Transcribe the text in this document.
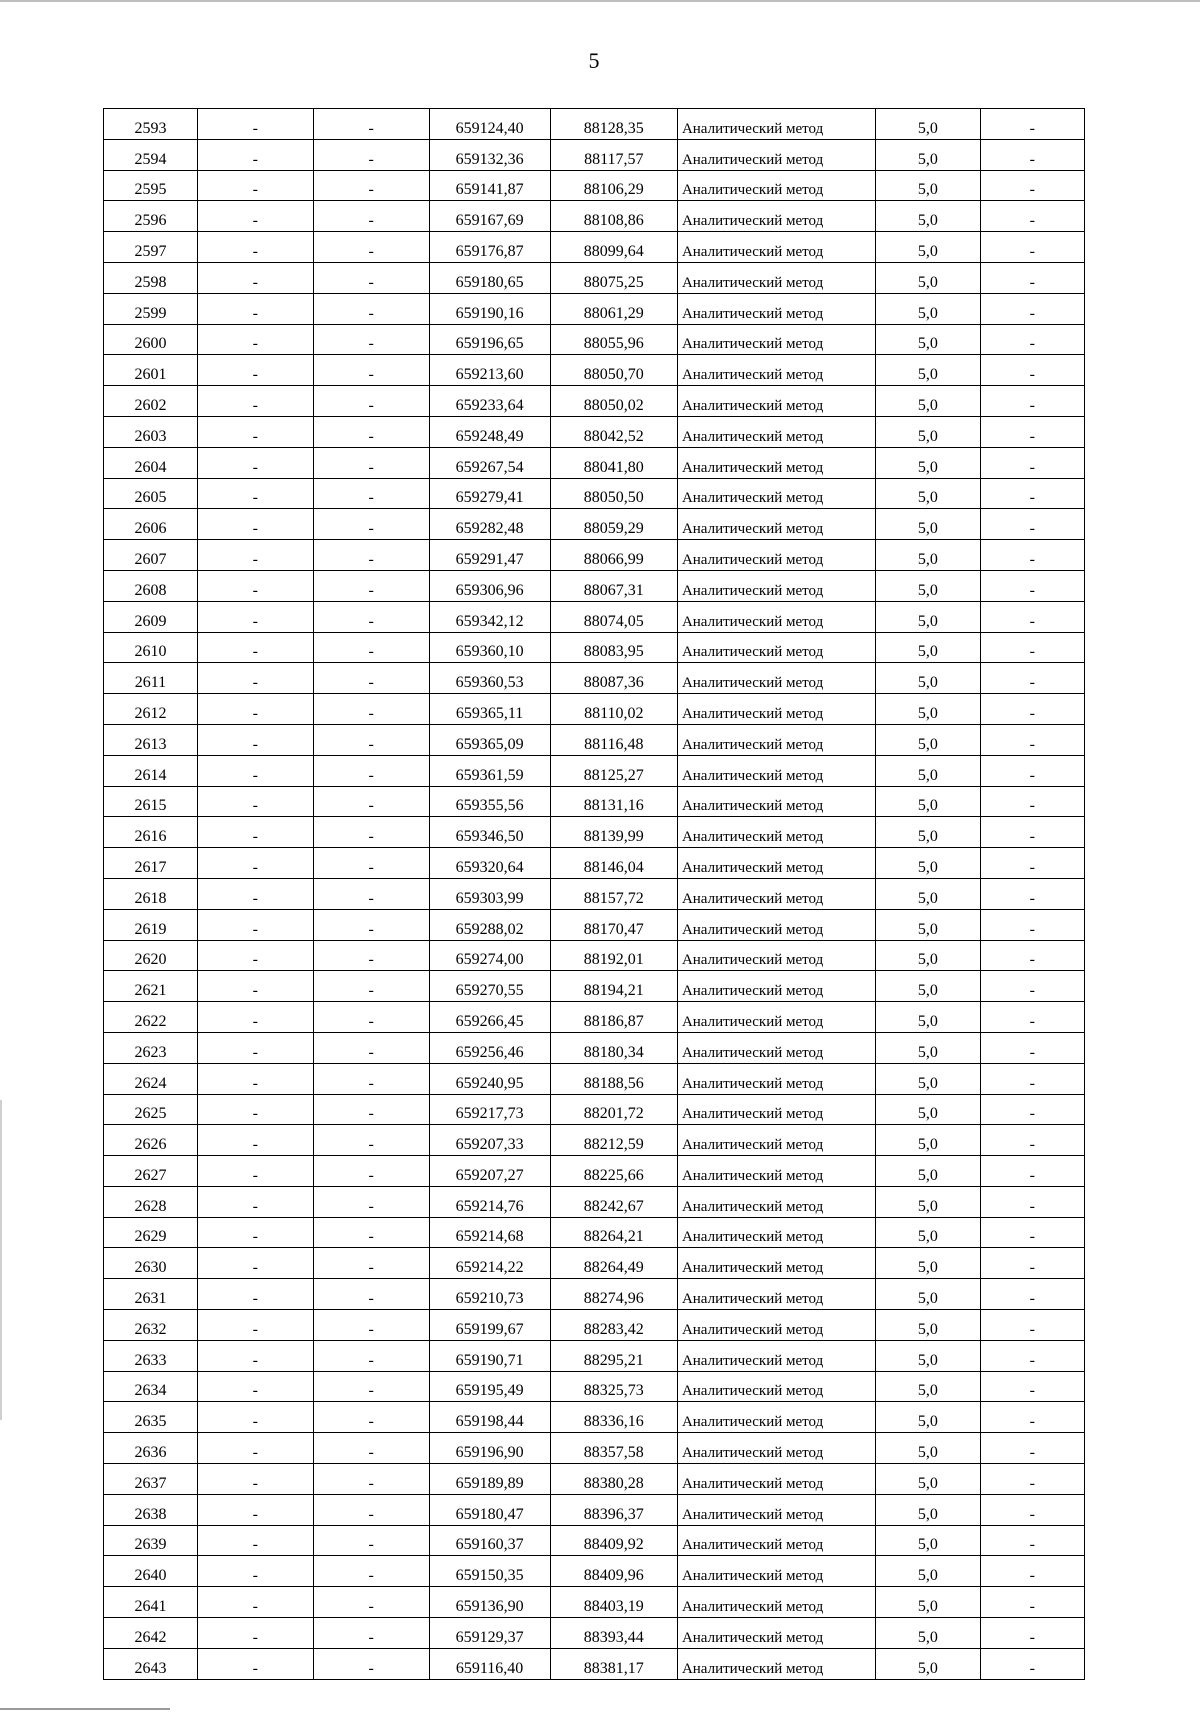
5
2593	-	-	659124,40	88128,35	Аналитический метод	5,0	-
2594	-	-	659132,36	88117,57	Аналитический метод	5,0	-
2595	-	-	659141,87	88106,29	Аналитический метод	5,0	-
2596	-	-	659167,69	88108,86	Аналитический метод	5,0	-
2597	-	-	659176,87	88099,64	Аналитический метод	5,0	-
2598	-	-	659180,65	88075,25	Аналитический метод	5,0	-
2599	-	-	659190,16	88061,29	Аналитический метод	5,0	-
2600	-	-	659196,65	88055,96	Аналитический метод	5,0	-
2601	-	-	659213,60	88050,70	Аналитический метод	5,0	-
2602	-	-	659233,64	88050,02	Аналитический метод	5,0	-
2603	-	-	659248,49	88042,52	Аналитический метод	5,0	-
2604	-	-	659267,54	88041,80	Аналитический метод	5,0	-
2605	-	-	659279,41	88050,50	Аналитический метод	5,0	-
2606	-	-	659282,48	88059,29	Аналитический метод	5,0	-
2607	-	-	659291,47	88066,99	Аналитический метод	5,0	-
2608	-	-	659306,96	88067,31	Аналитический метод	5,0	-
2609	-	-	659342,12	88074,05	Аналитический метод	5,0	-
2610	-	-	659360,10	88083,95	Аналитический метод	5,0	-
2611	-	-	659360,53	88087,36	Аналитический метод	5,0	-
2612	-	-	659365,11	88110,02	Аналитический метод	5,0	-
2613	-	-	659365,09	88116,48	Аналитический метод	5,0	-
2614	-	-	659361,59	88125,27	Аналитический метод	5,0	-
2615	-	-	659355,56	88131,16	Аналитический метод	5,0	-
2616	-	-	659346,50	88139,99	Аналитический метод	5,0	-
2617	-	-	659320,64	88146,04	Аналитический метод	5,0	-
2618	-	-	659303,99	88157,72	Аналитический метод	5,0	-
2619	-	-	659288,02	88170,47	Аналитический метод	5,0	-
2620	-	-	659274,00	88192,01	Аналитический метод	5,0	-
2621	-	-	659270,55	88194,21	Аналитический метод	5,0	-
2622	-	-	659266,45	88186,87	Аналитический метод	5,0	-
2623	-	-	659256,46	88180,34	Аналитический метод	5,0	-
2624	-	-	659240,95	88188,56	Аналитический метод	5,0	-
2625	-	-	659217,73	88201,72	Аналитический метод	5,0	-
2626	-	-	659207,33	88212,59	Аналитический метод	5,0	-
2627	-	-	659207,27	88225,66	Аналитический метод	5,0	-
2628	-	-	659214,76	88242,67	Аналитический метод	5,0	-
2629	-	-	659214,68	88264,21	Аналитический метод	5,0	-
2630	-	-	659214,22	88264,49	Аналитический метод	5,0	-
2631	-	-	659210,73	88274,96	Аналитический метод	5,0	-
2632	-	-	659199,67	88283,42	Аналитический метод	5,0	-
2633	-	-	659190,71	88295,21	Аналитический метод	5,0	-
2634	-	-	659195,49	88325,73	Аналитический метод	5,0	-
2635	-	-	659198,44	88336,16	Аналитический метод	5,0	-
2636	-	-	659196,90	88357,58	Аналитический метод	5,0	-
2637	-	-	659189,89	88380,28	Аналитический метод	5,0	-
2638	-	-	659180,47	88396,37	Аналитический метод	5,0	-
2639	-	-	659160,37	88409,92	Аналитический метод	5,0	-
2640	-	-	659150,35	88409,96	Аналитический метод	5,0	-
2641	-	-	659136,90	88403,19	Аналитический метод	5,0	-
2642	-	-	659129,37	88393,44	Аналитический метод	5,0	-
2643	-	-	659116,40	88381,17	Аналитический метод	5,0	-
